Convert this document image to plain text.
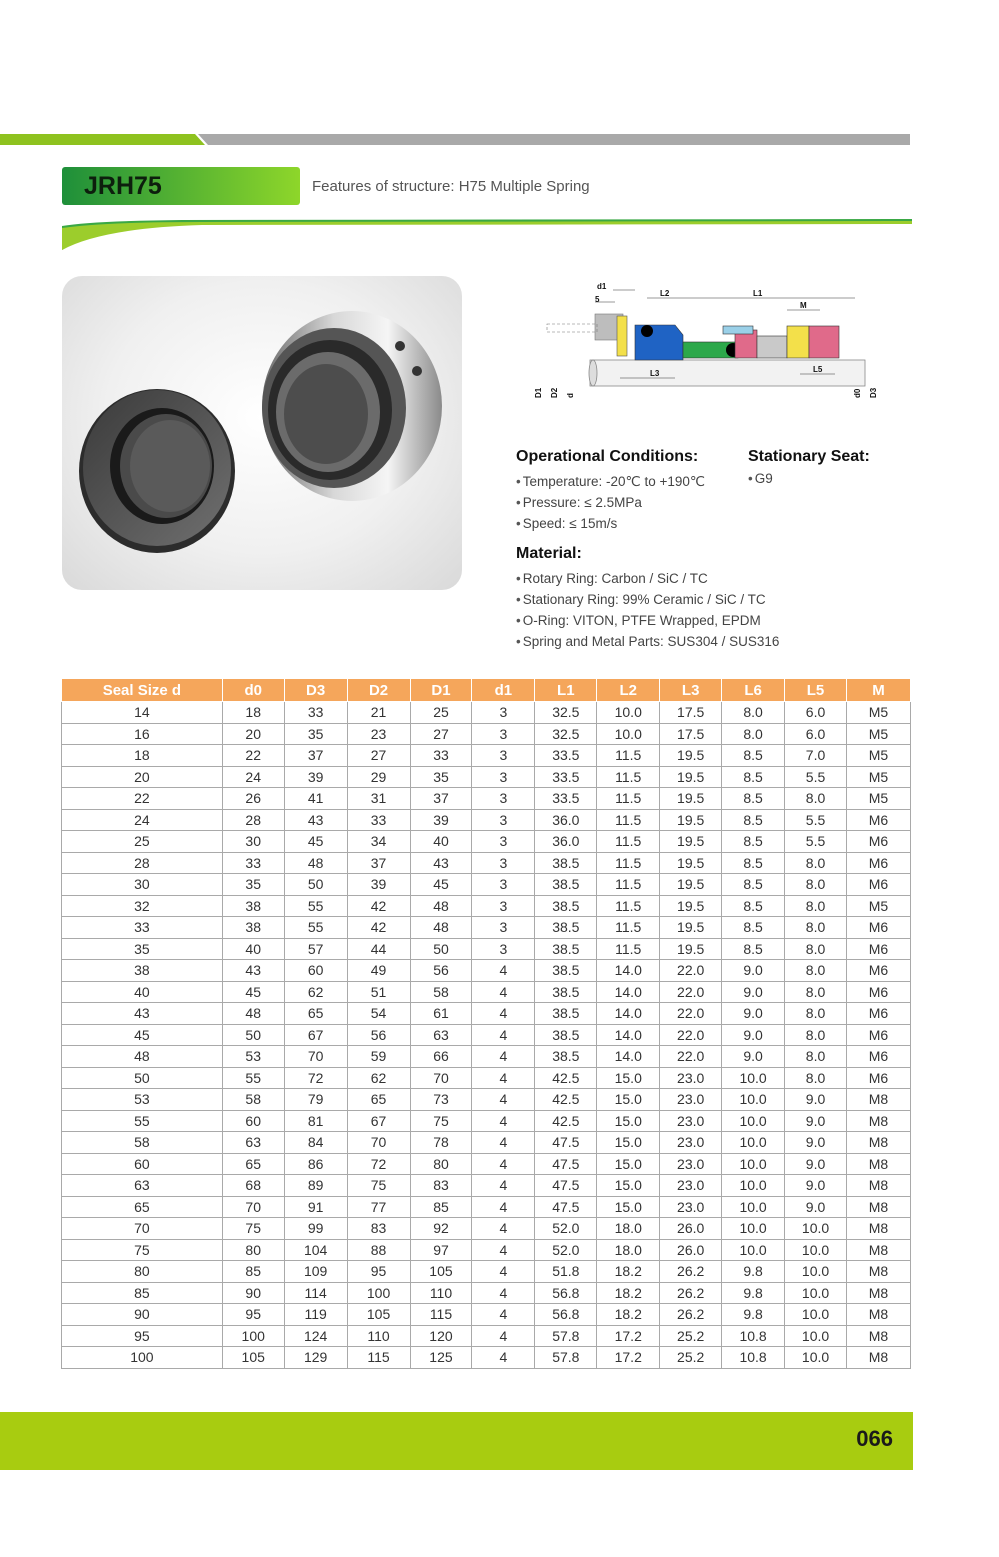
JRH75	Features of structure: H75 Multiple Spring
d1
5
L2	L1
M
L3	L5
D1 D2 d	d0 D3
Operational Conditions:
• Temperature: -20℃ to +190℃
• Pressure: ≤ 2.5MPa
• Speed: ≤ 15m/s
Stationary Seat:
• G9
Material:
• Rotary Ring: Carbon / SiC / TC
• Stationary Ring: 99% Ceramic / SiC / TC
• O-Ring: VITON, PTFE Wrapped, EPDM
• Spring and Metal Parts: SUS304 / SUS316
Seal Size d	d0	D3	D2	D1	d1	L1	L2	L3	L6	L5	M
14	18	33	21	25	3	32.5	10.0	17.5	8.0	6.0	M5
16	20	35	23	27	3	32.5	10.0	17.5	8.0	6.0	M5
18	22	37	27	33	3	33.5	11.5	19.5	8.5	7.0	M5
20	24	39	29	35	3	33.5	11.5	19.5	8.5	5.5	M5
22	26	41	31	37	3	33.5	11.5	19.5	8.5	8.0	M5
24	28	43	33	39	3	36.0	11.5	19.5	8.5	5.5	M6
25	30	45	34	40	3	36.0	11.5	19.5	8.5	5.5	M6
28	33	48	37	43	3	38.5	11.5	19.5	8.5	8.0	M6
30	35	50	39	45	3	38.5	11.5	19.5	8.5	8.0	M6
32	38	55	42	48	3	38.5	11.5	19.5	8.5	8.0	M5
33	38	55	42	48	3	38.5	11.5	19.5	8.5	8.0	M6
35	40	57	44	50	3	38.5	11.5	19.5	8.5	8.0	M6
38	43	60	49	56	4	38.5	14.0	22.0	9.0	8.0	M6
40	45	62	51	58	4	38.5	14.0	22.0	9.0	8.0	M6
43	48	65	54	61	4	38.5	14.0	22.0	9.0	8.0	M6
45	50	67	56	63	4	38.5	14.0	22.0	9.0	8.0	M6
48	53	70	59	66	4	38.5	14.0	22.0	9.0	8.0	M6
50	55	72	62	70	4	42.5	15.0	23.0	10.0	8.0	M6
53	58	79	65	73	4	42.5	15.0	23.0	10.0	9.0	M8
55	60	81	67	75	4	42.5	15.0	23.0	10.0	9.0	M8
58	63	84	70	78	4	47.5	15.0	23.0	10.0	9.0	M8
60	65	86	72	80	4	47.5	15.0	23.0	10.0	9.0	M8
63	68	89	75	83	4	47.5	15.0	23.0	10.0	9.0	M8
65	70	91	77	85	4	47.5	15.0	23.0	10.0	9.0	M8
70	75	99	83	92	4	52.0	18.0	26.0	10.0	10.0	M8
75	80	104	88	97	4	52.0	18.0	26.0	10.0	10.0	M8
80	85	109	95	105	4	51.8	18.2	26.2	9.8	10.0	M8
85	90	114	100	110	4	56.8	18.2	26.2	9.8	10.0	M8
90	95	119	105	115	4	56.8	18.2	26.2	9.8	10.0	M8
95	100	124	110	120	4	57.8	17.2	25.2	10.8	10.0	M8
100	105	129	115	125	4	57.8	17.2	25.2	10.8	10.0	M8
066
